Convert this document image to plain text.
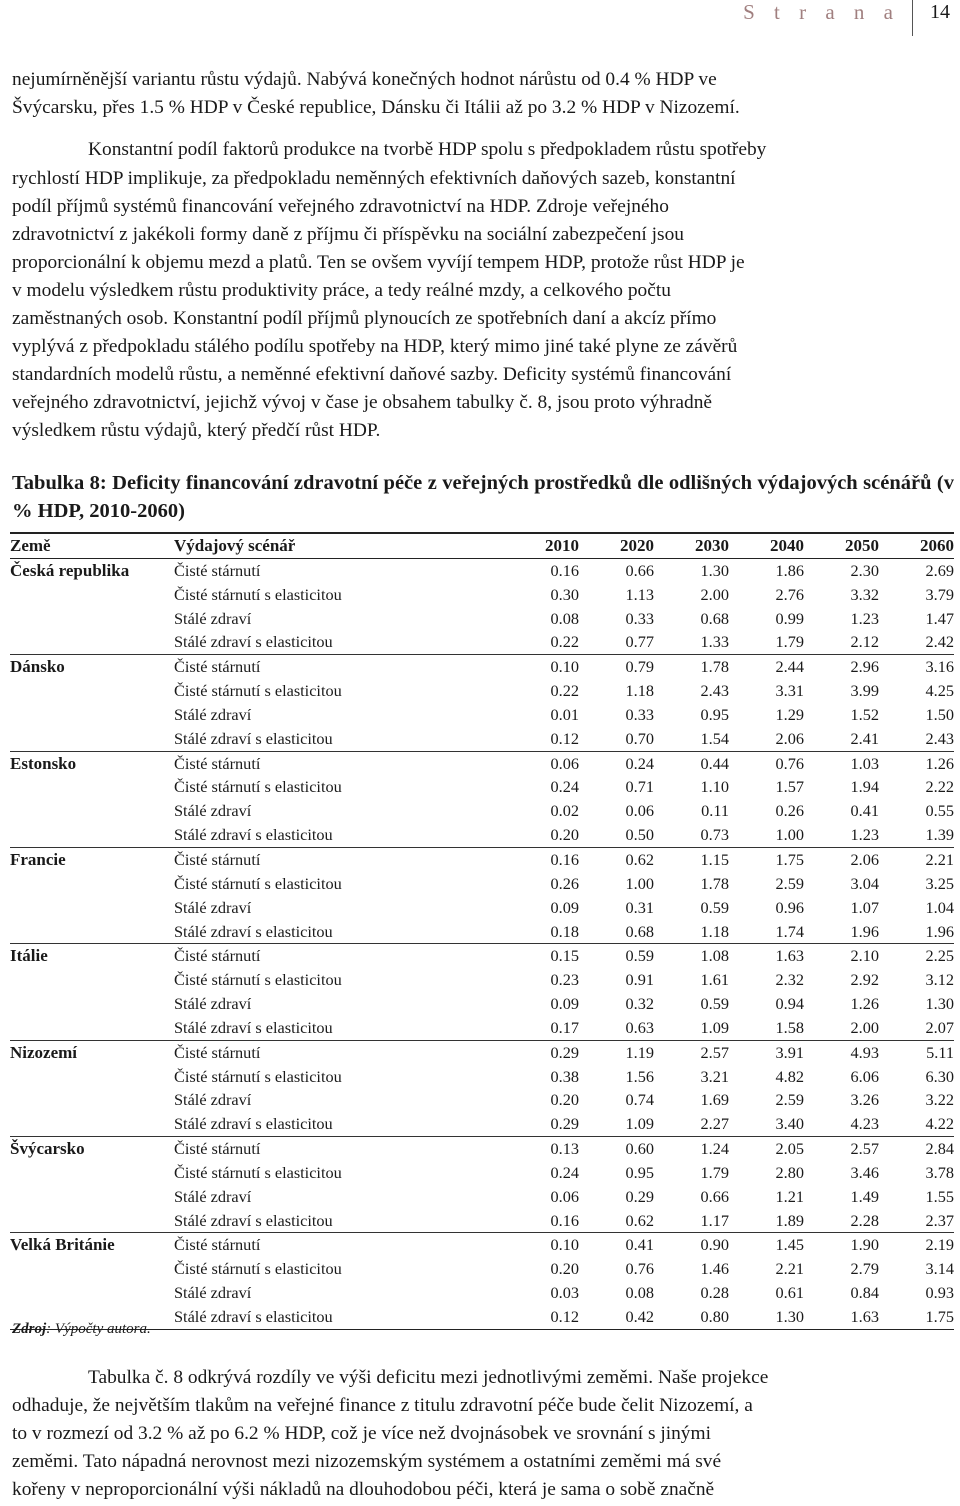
S t r a n a 14

nejumírněnější variantu růstu výdajů. Nabývá konečných hodnot nárůstu od 0.4 % HDP ve

Švýcarsku, přes 1.5 % HDP v České republice, Dánsku či Itálii až po 3.2 % HDP v Nizozemí.

Konstantní podíl faktorů produkce na tvorbě HDP spolu s předpokladem růstu spotřeby

rychlostí HDP implikuje, za předpokladu neměnných efektivních daňových sazeb, konstantní

podíl příjmů systémů financování veřejného zdravotnictví na HDP. Zdroje veřejného

zdravotnictví z jakékoli formy daně z příjmu či příspěvku na sociální zabezpečení jsou

proporcionální k objemu mezd a platů. Ten se ovšem vyvíjí tempem HDP, protože růst HDP je

v modelu výsledkem růstu produktivity práce, a tedy reálné mzdy, a celkového počtu

zaměstnaných osob. Konstantní podíl příjmů plynoucích ze spotřebních daní a akcíz přímo

vyplývá z předpokladu stálého podílu spotřeby na HDP, který mimo jiné také plyne ze závěrů

standardních modelů růstu, a neměnné efektivní daňové sazby. Deficity systémů financování

veřejného zdravotnictví, jejichž vývoj v čase je obsahem tabulky č. 8, jsou proto výhradně

výsledkem růstu výdajů, který předčí růst HDP.

Tabulka 8: Deficity financování zdravotní péče z veřejných prostředků dle odlišných výdajových scénářů (v % HDP, 2010-2060)

Země	Výdajový scénář	2010	2020	2030	2040	2050	2060
Česká republika	Čisté stárnutí	0.16	0.66	1.30	1.86	2.30	2.69
	Čisté stárnutí s elasticitou	0.30	1.13	2.00	2.76	3.32	3.79
	Stálé zdraví	0.08	0.33	0.68	0.99	1.23	1.47
	Stálé zdraví s elasticitou	0.22	0.77	1.33	1.79	2.12	2.42
Dánsko	Čisté stárnutí	0.10	0.79	1.78	2.44	2.96	3.16
	Čisté stárnutí s elasticitou	0.22	1.18	2.43	3.31	3.99	4.25
	Stálé zdraví	0.01	0.33	0.95	1.29	1.52	1.50
	Stálé zdraví s elasticitou	0.12	0.70	1.54	2.06	2.41	2.43
Estonsko	Čisté stárnutí	0.06	0.24	0.44	0.76	1.03	1.26
	Čisté stárnutí s elasticitou	0.24	0.71	1.10	1.57	1.94	2.22
	Stálé zdraví	0.02	0.06	0.11	0.26	0.41	0.55
	Stálé zdraví s elasticitou	0.20	0.50	0.73	1.00	1.23	1.39
Francie	Čisté stárnutí	0.16	0.62	1.15	1.75	2.06	2.21
	Čisté stárnutí s elasticitou	0.26	1.00	1.78	2.59	3.04	3.25
	Stálé zdraví	0.09	0.31	0.59	0.96	1.07	1.04
	Stálé zdraví s elasticitou	0.18	0.68	1.18	1.74	1.96	1.96
Itálie	Čisté stárnutí	0.15	0.59	1.08	1.63	2.10	2.25
	Čisté stárnutí s elasticitou	0.23	0.91	1.61	2.32	2.92	3.12
	Stálé zdraví	0.09	0.32	0.59	0.94	1.26	1.30
	Stálé zdraví s elasticitou	0.17	0.63	1.09	1.58	2.00	2.07
Nizozemí	Čisté stárnutí	0.29	1.19	2.57	3.91	4.93	5.11
	Čisté stárnutí s elasticitou	0.38	1.56	3.21	4.82	6.06	6.30
	Stálé zdraví	0.20	0.74	1.69	2.59	3.26	3.22
	Stálé zdraví s elasticitou	0.29	1.09	2.27	3.40	4.23	4.22
Švýcarsko	Čisté stárnutí	0.13	0.60	1.24	2.05	2.57	2.84
	Čisté stárnutí s elasticitou	0.24	0.95	1.79	2.80	3.46	3.78
	Stálé zdraví	0.06	0.29	0.66	1.21	1.49	1.55
	Stálé zdraví s elasticitou	0.16	0.62	1.17	1.89	2.28	2.37
Velká Británie	Čisté stárnutí	0.10	0.41	0.90	1.45	1.90	2.19
	Čisté stárnutí s elasticitou	0.20	0.76	1.46	2.21	2.79	3.14
	Stálé zdraví	0.03	0.08	0.28	0.61	0.84	0.93
	Stálé zdraví s elasticitou	0.12	0.42	0.80	1.30	1.63	1.75
Zdroj: Výpočty autora.

Tabulka č. 8 odkrývá rozdíly ve výši deficitu mezi jednotlivými zeměmi. Naše projekce

odhaduje, že největším tlakům na veřejné finance z titulu zdravotní péče bude čelit Nizozemí, a

to v rozmezí od 3.2 % až po 6.2 % HDP, což je více než dvojnásobek ve srovnání s jinými

zeměmi. Tato nápadná nerovnost mezi nizozemským systémem a ostatními zeměmi má své

kořeny v neproporcionální výši nákladů na dlouhodobou péči, která je sama o sobě značně
